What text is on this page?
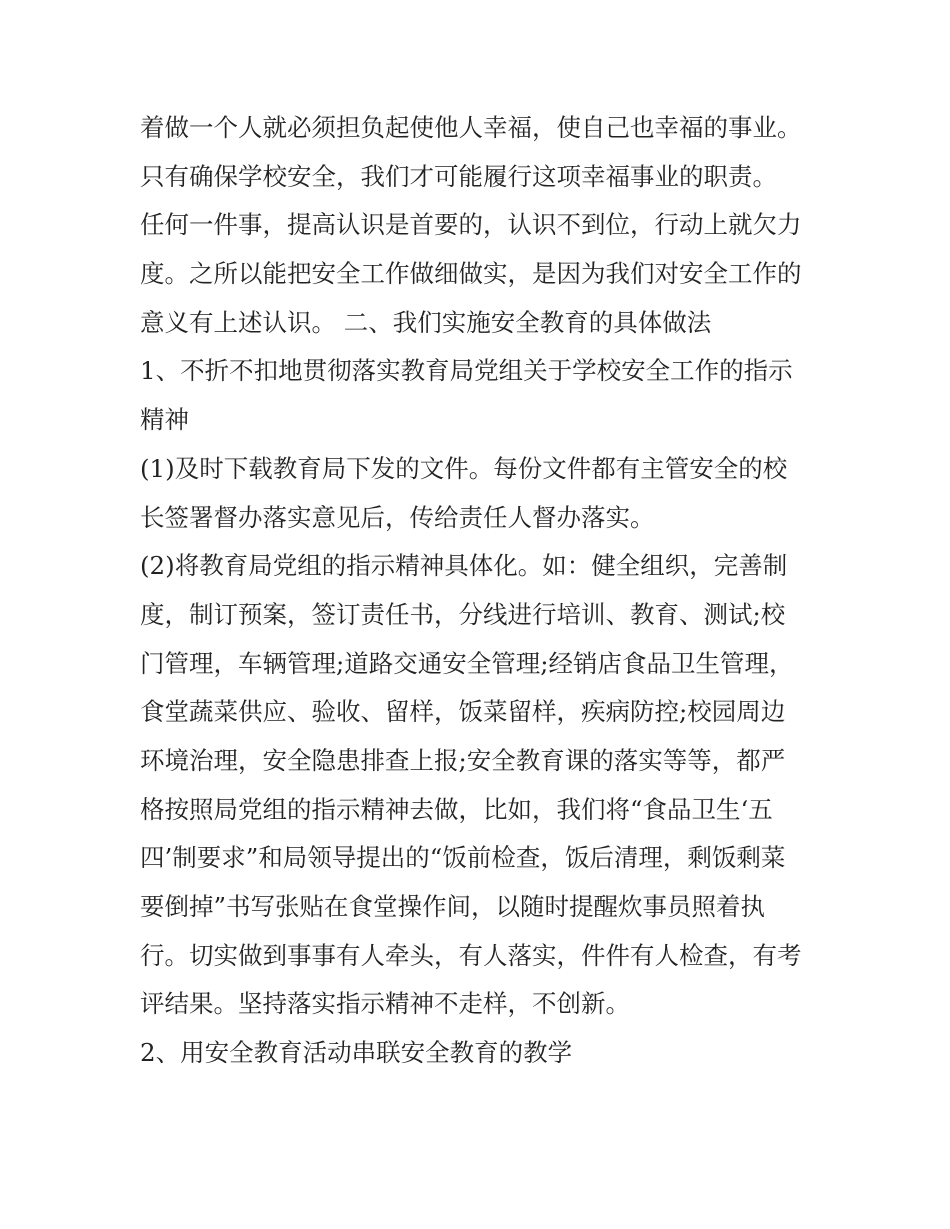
着做一个人就必须担负起使他人幸福，使自己也幸福的事业。
只有确保学校安全，我们才可能履行这项幸福事业的职责。
任何一件事，提高认识是首要的，认识不到位，行动上就欠力
度。之所以能把安全工作做细做实，是因为我们对安全工作的
意义有上述认识。 二、我们实施安全教育的具体做法
1、不折不扣地贯彻落实教育局党组关于学校安全工作的指示
精神
(1)及时下载教育局下发的文件。每份文件都有主管安全的校
长签署督办落实意见后，传给责任人督办落实。
(2)将教育局党组的指示精神具体化。如：健全组织，完善制
度，制订预案，签订责任书，分线进行培训、教育、测试;校
门管理，车辆管理;道路交通安全管理;经销店食品卫生管理，
食堂蔬菜供应、验收、留样，饭菜留样，疾病防控;校园周边
环境治理，安全隐患排查上报;安全教育课的落实等等，都严
格按照局党组的指示精神去做，比如，我们将“食品卫生‘五
四’制要求”和局领导提出的“饭前检查，饭后清理，剩饭剩菜
要倒掉”书写张贴在食堂操作间，以随时提醒炊事员照着执
行。切实做到事事有人牵头，有人落实，件件有人检查，有考
评结果。坚持落实指示精神不走样，不创新。
2、用安全教育活动串联安全教育的教学
